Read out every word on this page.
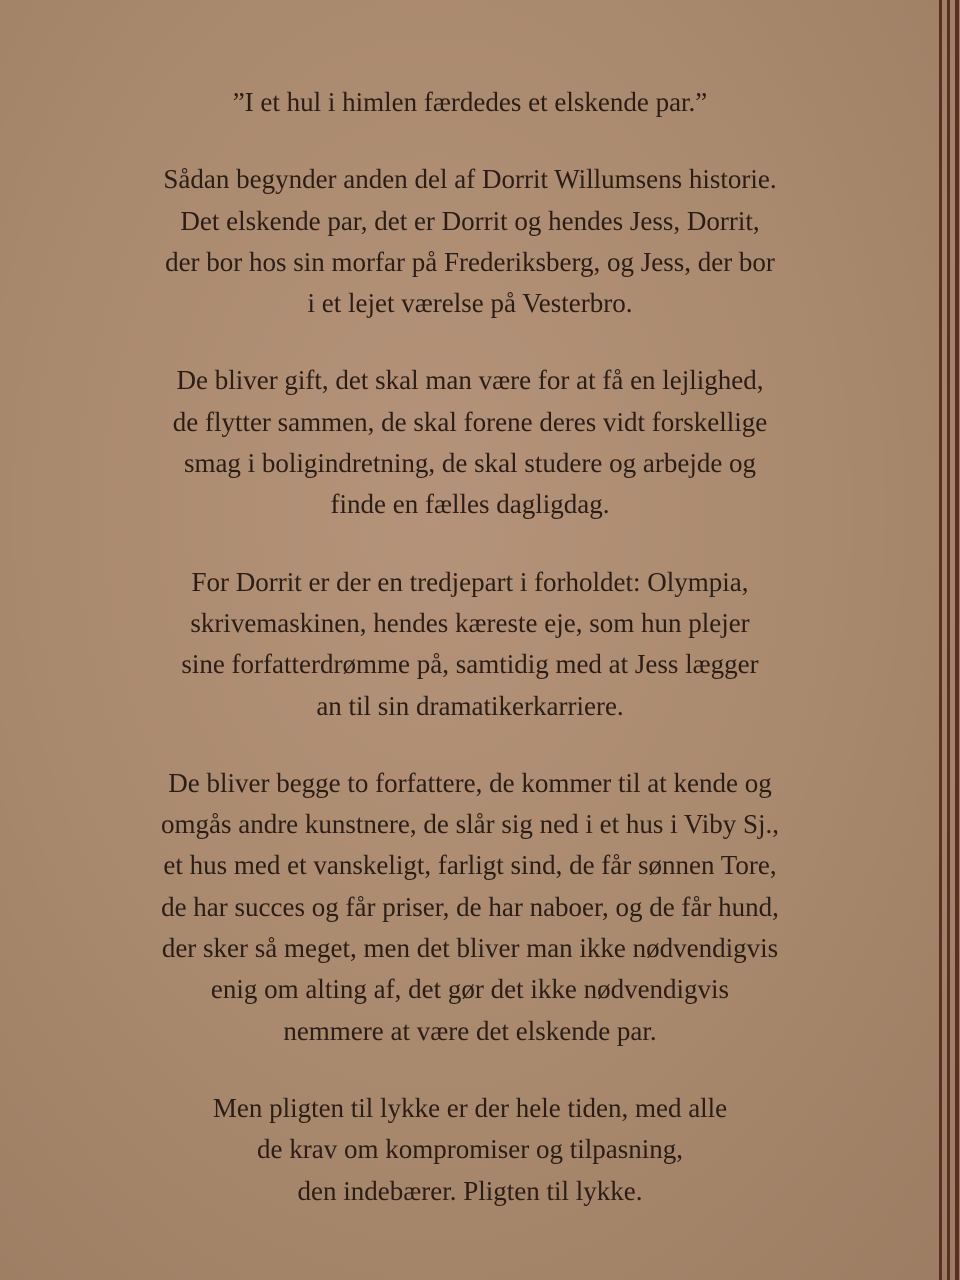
”I et hul i himlen færdedes et elskende par.”

Sådan begynder anden del af Dorrit Willumsens historie.
Det elskende par, det er Dorrit og hendes Jess, Dorrit,
der bor hos sin morfar på Frederiksberg, og Jess, der bor
i et lejet værelse på Vesterbro.

De bliver gift, det skal man være for at få en lejlighed,
de flytter sammen, de skal forene deres vidt forskellige
smag i boligindretning, de skal studere og arbejde og
finde en fælles dagligdag.

For Dorrit er der en tredjepart i forholdet: Olympia,
skrivemaskinen, hendes kæreste eje, som hun plejer
sine forfatterdrømme på, samtidig med at Jess lægger
an til sin dramatikerkarriere.

De bliver begge to forfattere, de kommer til at kende og
omgås andre kunstnere, de slår sig ned i et hus i Viby Sj.,
et hus med et vanskeligt, farligt sind, de får sønnen Tore,
de har succes og får priser, de har naboer, og de får hund,
der sker så meget, men det bliver man ikke nødvendigvis
enig om alting af, det gør det ikke nødvendigvis
nemmere at være det elskende par.

Men pligten til lykke er der hele tiden, med alle
de krav om kompromiser og tilpasning,
den indebærer. Pligten til lykke.
